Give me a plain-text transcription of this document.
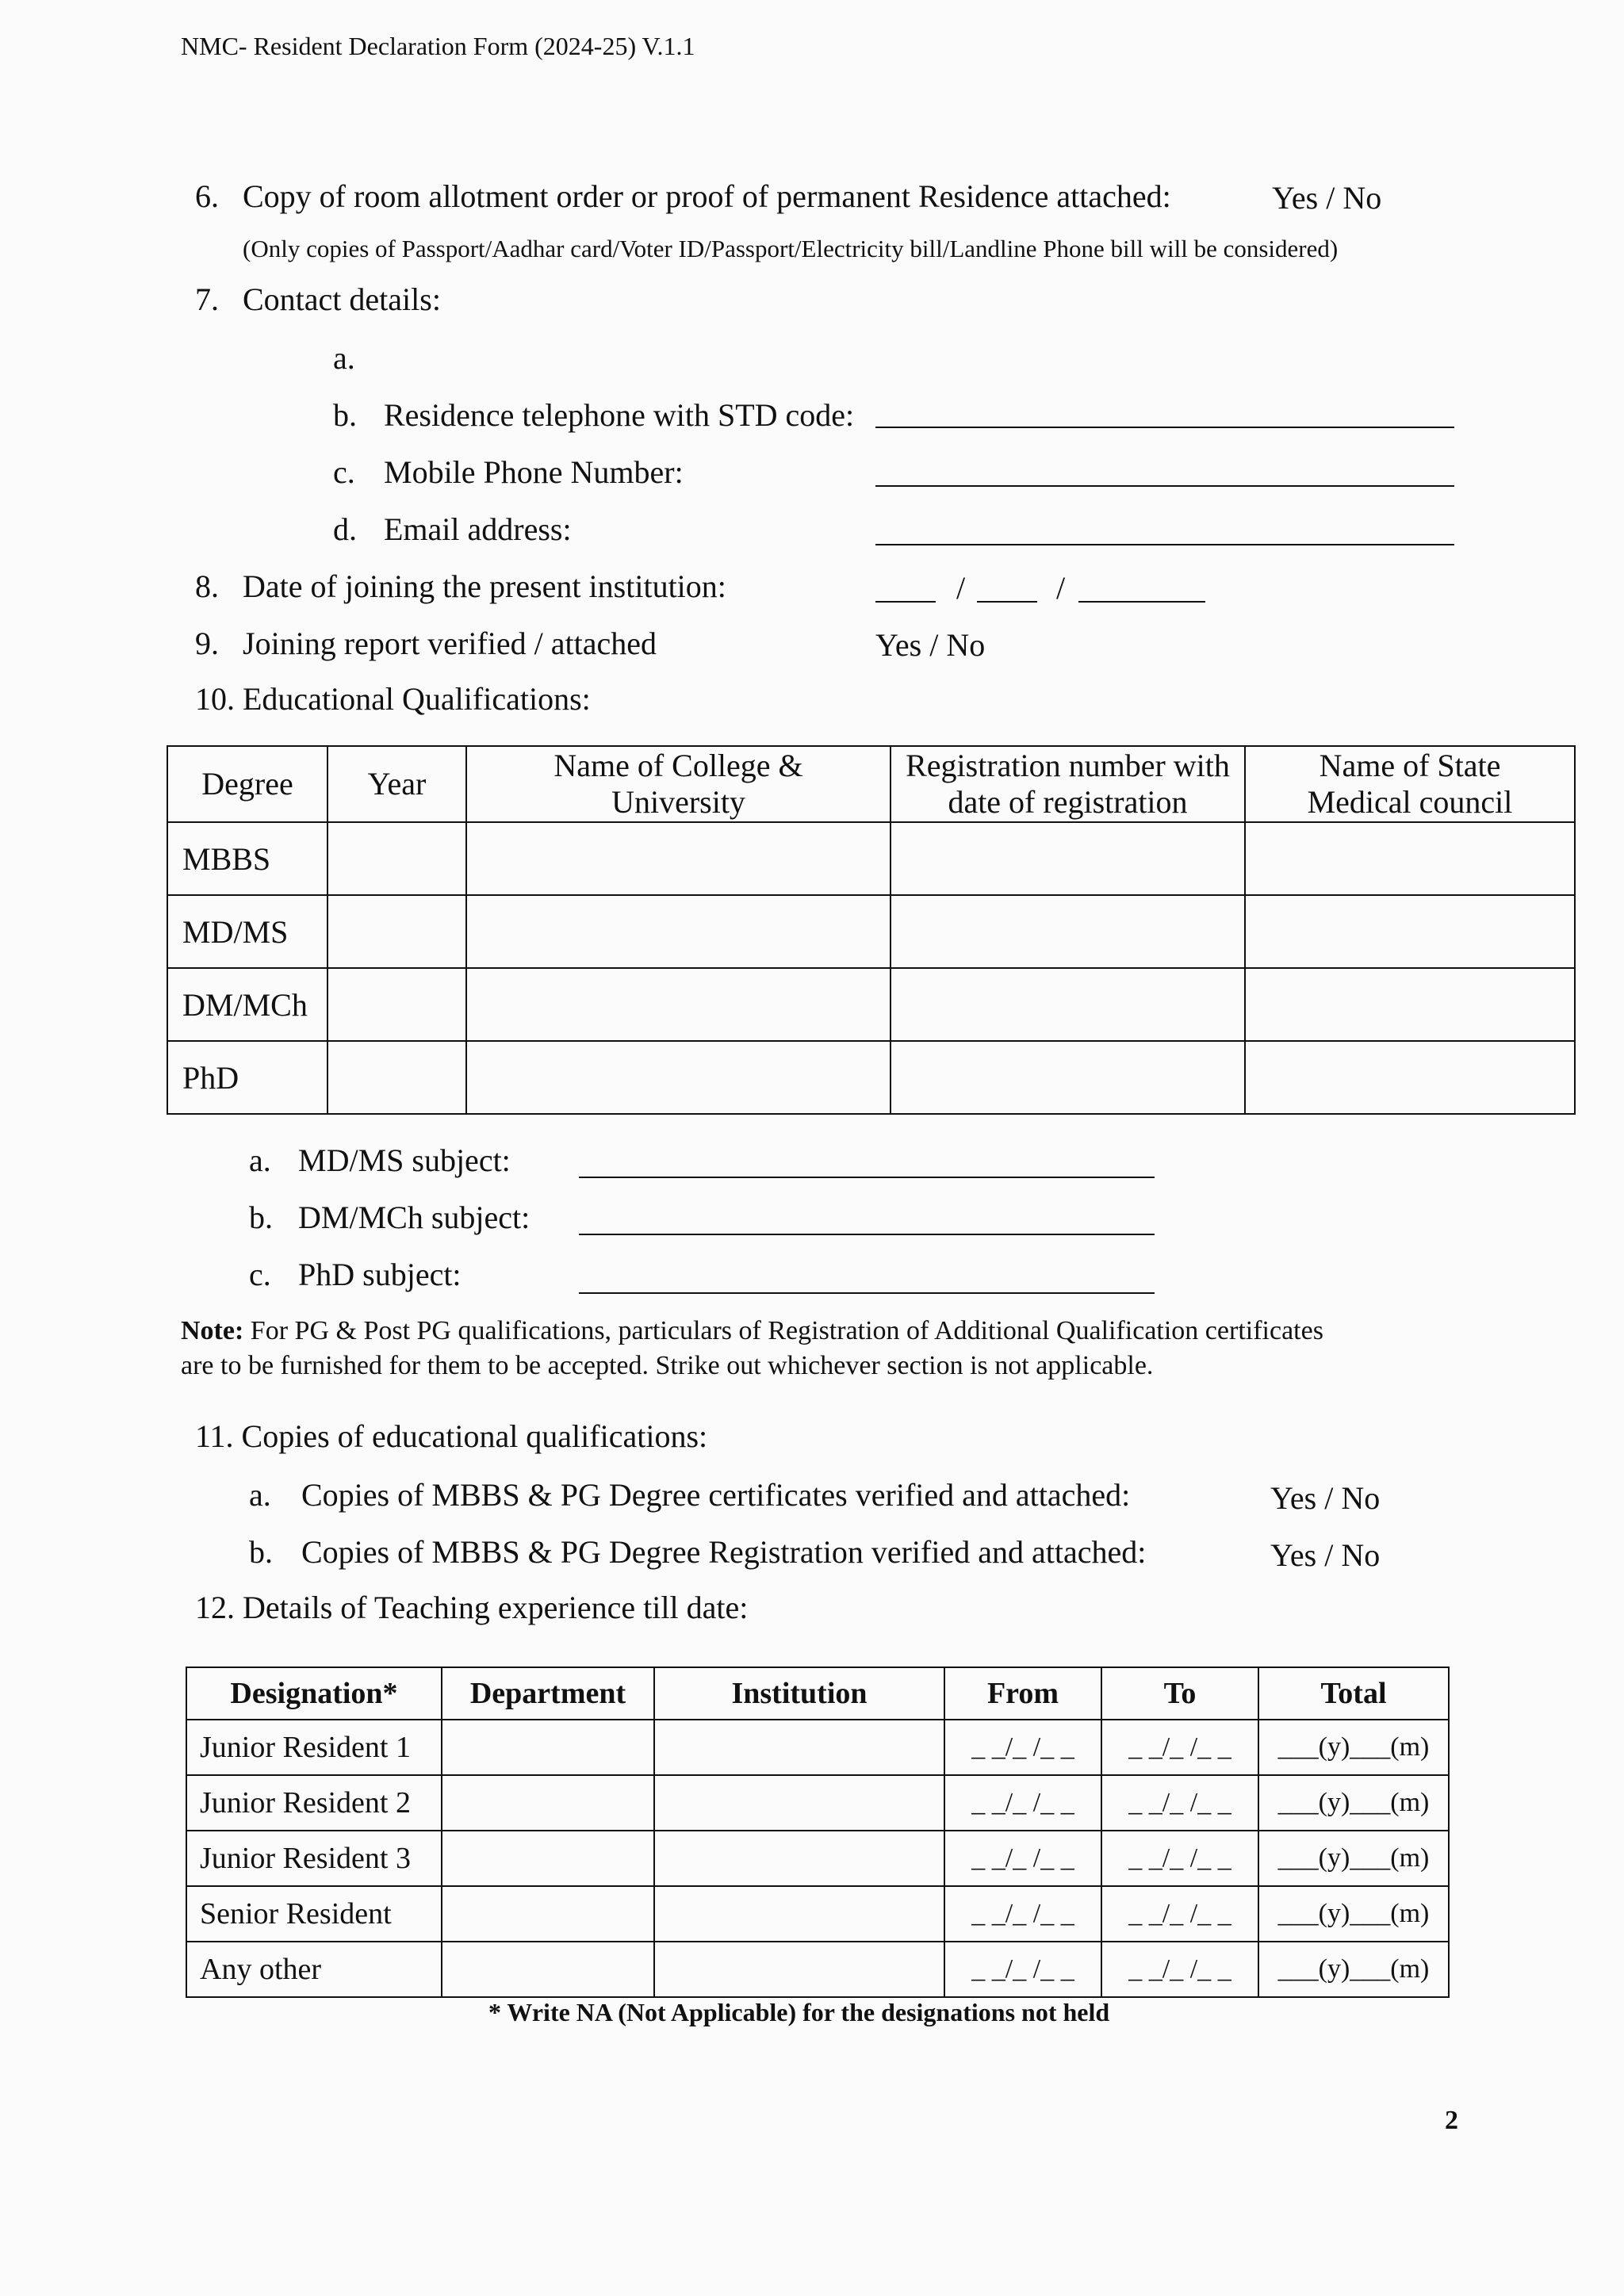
NMC- Resident Declaration Form (2024-25) V.1.1
6. Copy of room allotment order or proof of permanent Residence attached:	Yes / No
(Only copies of Passport/Aadhar card/Voter ID/Passport/Electricity bill/Landline Phone bill will be considered)
7. Contact details:
a.
b. Residence telephone with STD code:
c. Mobile Phone Number:
d. Email address:
8. Date of joining the present institution:	/	/
9. Joining report verified / attached	Yes / No
10. Educational Qualifications:
Degree	Year	Name of College & University	Registration number with date of registration	Name of State Medical council
MBBS				
MD/MS				
DM/MCh				
PhD				
a. MD/MS subject:
b. DM/MCh subject:
c. PhD subject:
Note: For PG & Post PG qualifications, particulars of Registration of Additional Qualification certificates
are to be furnished for them to be accepted. Strike out whichever section is not applicable.
11. Copies of educational qualifications:
a. Copies of MBBS & PG Degree certificates verified and attached:	Yes / No
b. Copies of MBBS & PG Degree Registration verified and attached:	Yes / No
12. Details of Teaching experience till date:
Designation*	Department	Institution	From	To	Total
Junior Resident 1			_ _/_ /_ _	_ _/_ /_ _	___(y)___(m)
Junior Resident 2			_ _/_ /_ _	_ _/_ /_ _	___(y)___(m)
Junior Resident 3			_ _/_ /_ _	_ _/_ /_ _	___(y)___(m)
Senior Resident			_ _/_ /_ _	_ _/_ /_ _	___(y)___(m)
Any other			_ _/_ /_ _	_ _/_ /_ _	___(y)___(m)
* Write NA (Not Applicable) for the designations not held
2
